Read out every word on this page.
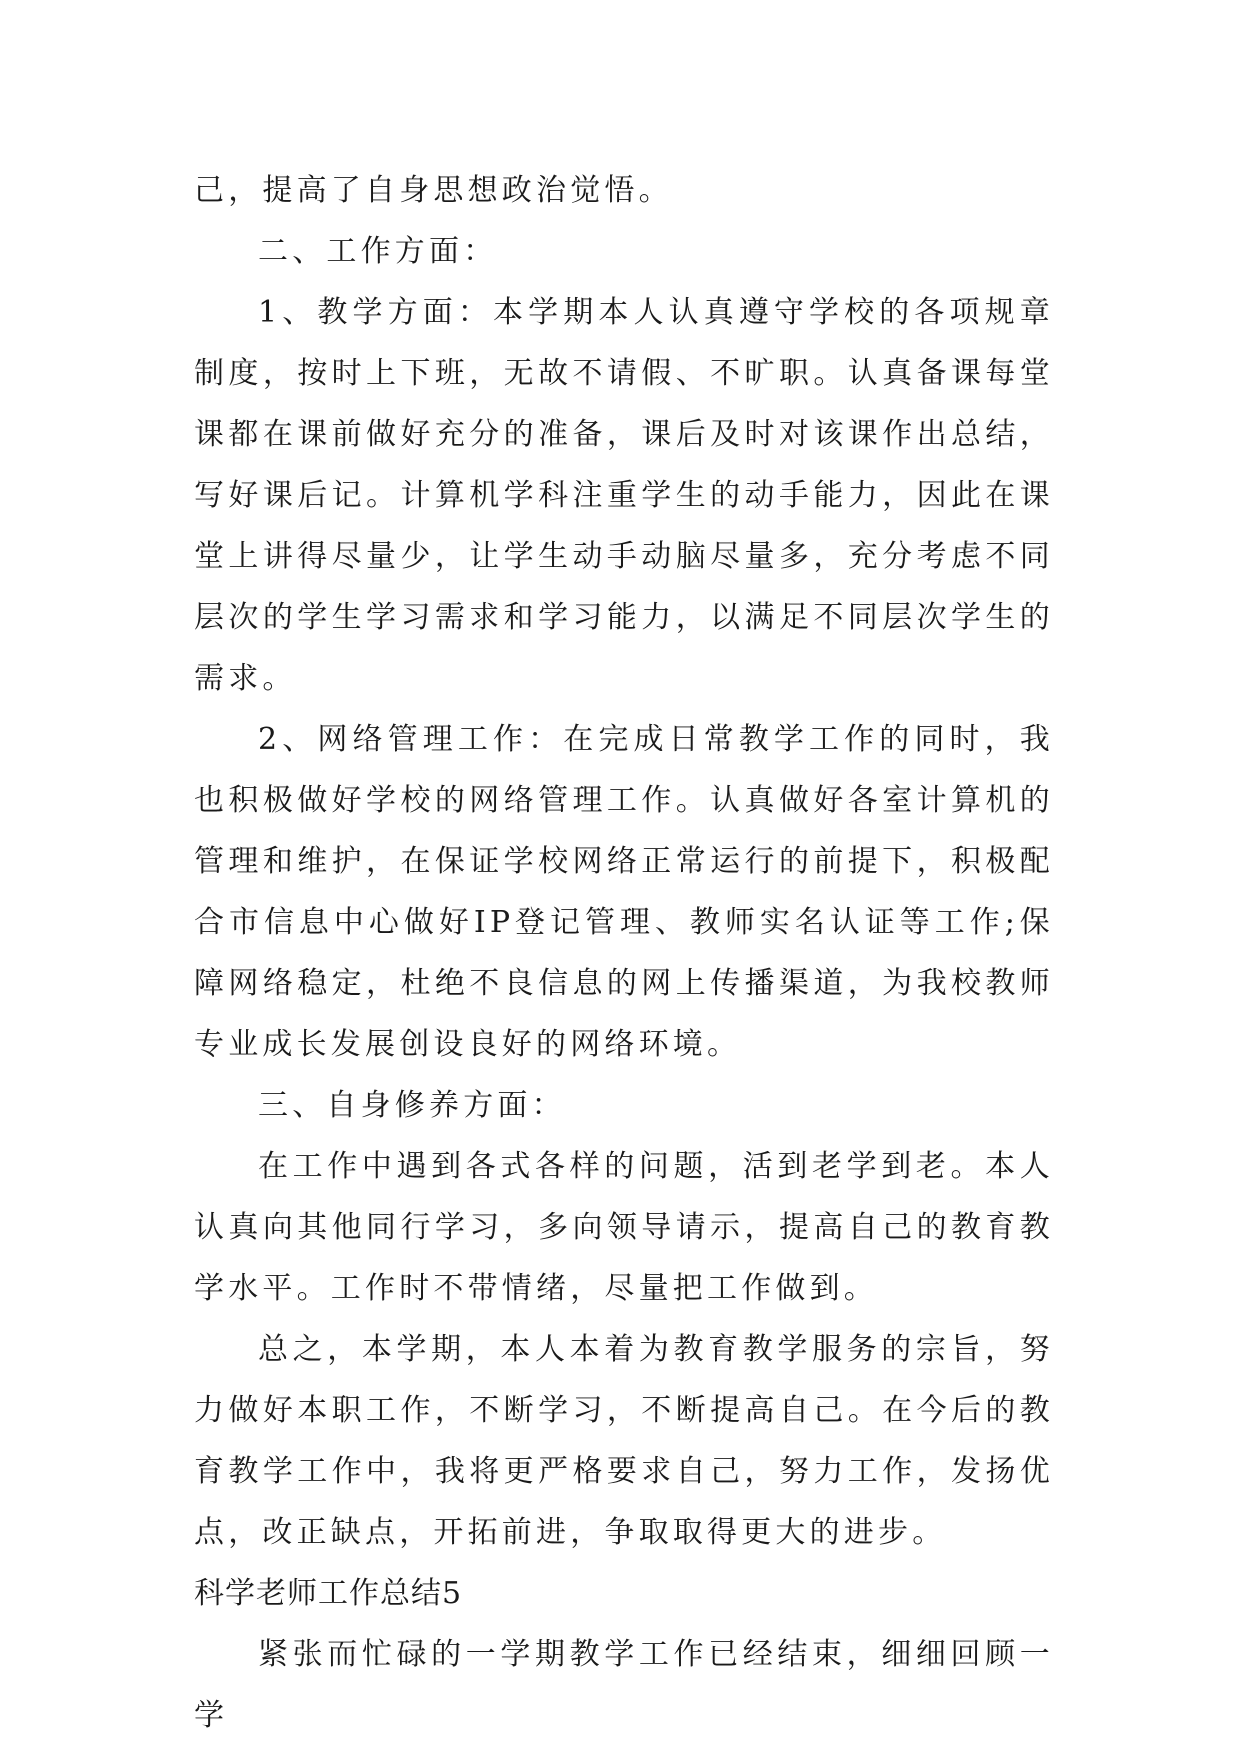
己，提高了自身思想政治觉悟。

二、工作方面：

1、教学方面：本学期本人认真遵守学校的各项规章制度，按时上下班，无故不请假、不旷职。认真备课每堂课都在课前做好充分的准备，课后及时对该课作出总结，写好课后记。计算机学科注重学生的动手能力，因此在课堂上讲得尽量少，让学生动手动脑尽量多，充分考虑不同层次的学生学习需求和学习能力，以满足不同层次学生的需求。

2、网络管理工作：在完成日常教学工作的同时，我也积极做好学校的网络管理工作。认真做好各室计算机的管理和维护，在保证学校网络正常运行的前提下，积极配合市信息中心做好IP登记管理、教师实名认证等工作;保障网络稳定，杜绝不良信息的网上传播渠道，为我校教师专业成长发展创设良好的网络环境。

三、自身修养方面：

在工作中遇到各式各样的问题，活到老学到老。本人认真向其他同行学习，多向领导请示，提高自己的教育教学水平。工作时不带情绪，尽量把工作做到。

总之，本学期，本人本着为教育教学服务的宗旨，努力做好本职工作，不断学习，不断提高自己。在今后的教育教学工作中，我将更严格要求自己，努力工作，发扬优点，改正缺点，开拓前进，争取取得更大的进步。

科学老师工作总结5

紧张而忙碌的一学期教学工作已经结束，细细回顾一学
